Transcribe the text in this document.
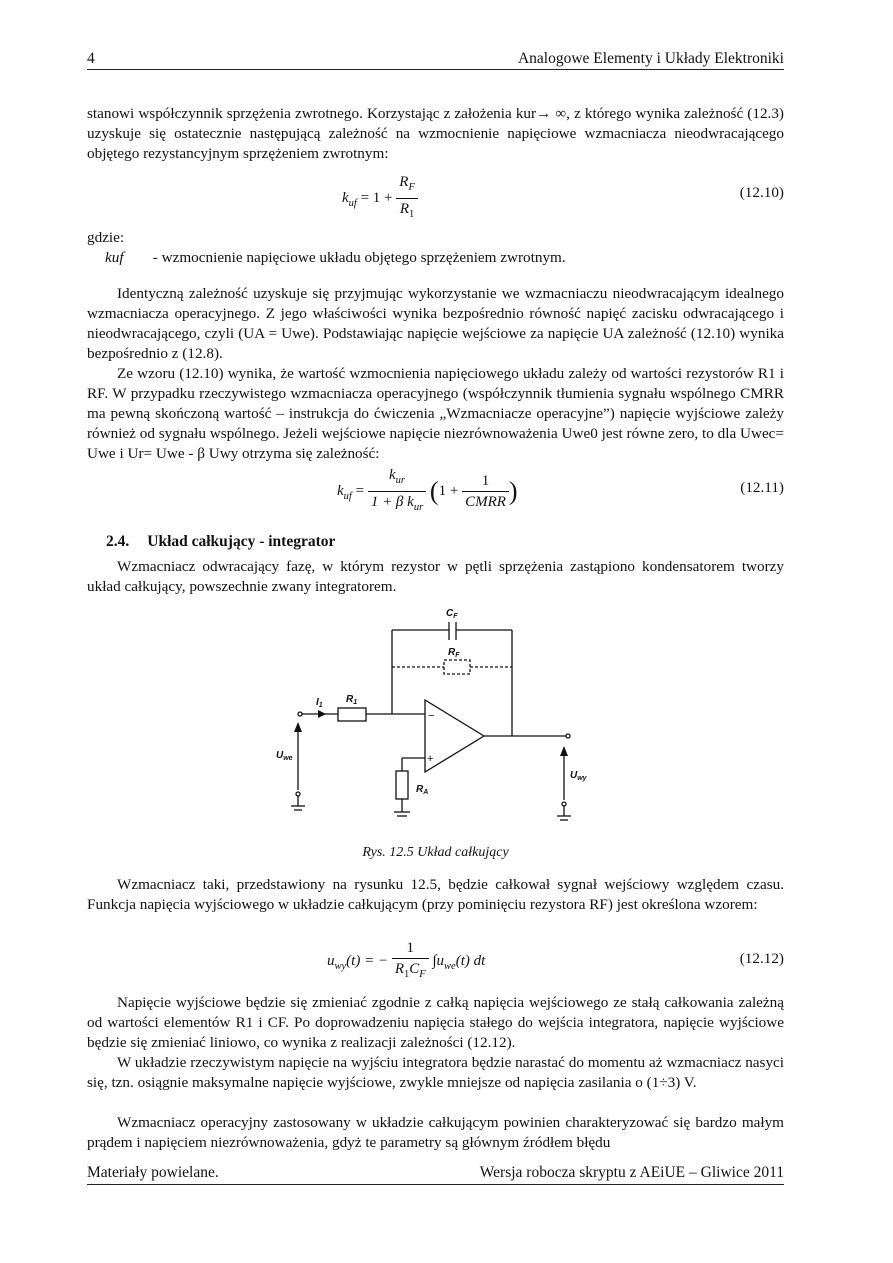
4	Analogowe Elementy i Układy Elektroniki

stanowi współczynnik sprzężenia zwrotnego. Korzystając z założenia kur→ ∞, z którego wynika zależność (12.3) uzyskuje się ostatecznie następującą zależność na wzmocnienie napięciowe wzmacniacza nieodwracającego objętego rezystancyjnym sprzężeniem zwrotnym:

$k_{uf} = 1 + \frac{R_F}{R_1}$	(12.10)
gdzie:
kuf - wzmocnienie napięciowe układu objętego sprzężeniem zwrotnym.

Identyczną zależność uzyskuje się przyjmując wykorzystanie we wzmacniaczu nieodwracającym idealnego wzmacniacza operacyjnego. Z jego właściwości wynika bezpośrednio równość napięć zacisku odwracającego i nieodwracającego, czyli (UA = Uwe). Podstawiając napięcie wejściowe za napięcie UA zależność (12.10) wynika bezpośrednio z (12.8).

Ze wzoru (12.10) wynika, że wartość wzmocnienia napięciowego układu zależy od wartości rezystorów R1 i RF. W przypadku rzeczywistego wzmacniacza operacyjnego (współczynnik tłumienia sygnału wspólnego CMRR ma pewną skończoną wartość – instrukcja do ćwiczenia „Wzmacniacze operacyjne”) napięcie wyjściowe zależy również od sygnału wspólnego. Jeżeli wejściowe napięcie niezrównoważenia Uwe0 jest równe zero, to dla Uwec= Uwe i Ur= Uwe - β Uwy otrzyma się zależność:

$k_{uf} = \frac{k_{ur}}{1 + \beta k_{ur}} (1 + \frac{1}{\text{CMRR}}$ )	(12.11)
2.4. Układ całkujący - integrator

Wzmacniacz odwracający fazę, w którym rezystor w pętli sprzężenia zastąpiono kondensatorem tworzy układ całkujący, powszechnie zwany integratorem.

$C_F$
$R_F$
$I_1$
$R_1$
$U_{we}$
$R_A$
$U_{wy}$
−
+
Rys. 12.5 Układ całkujący

Wzmacniacz taki, przedstawiony na rysunku 12.5, będzie całkował sygnał wejściowy względem czasu. Funkcja napięcia wyjściowego w układzie całkującym (przy pominięciu rezystora RF) jest określona wzorem:

$u_{wy}(t)$ = − $\frac{1}{R_1C_F} \int u_{we}(t)$ dt	(12.12)

Napięcie wyjściowe będzie się zmieniać zgodnie z całką napięcia wejściowego ze stałą całkowania zależną od wartości elementów R1 i CF. Po doprowadzeniu napięcia stałego do wejścia integratora, napięcie wyjściowe będzie się zmieniać liniowo, co wynika z realizacji zależności (12.12).

W układzie rzeczywistym napięcie na wyjściu integratora będzie narastać do momentu aż wzmacniacz nasyci się, tzn. osiągnie maksymalne napięcie wyjściowe, zwykle mniejsze od napięcia zasilania o (1÷3) V.

Wzmacniacz operacyjny zastosowany w układzie całkującym powinien charakteryzować się bardzo małym prądem i napięciem niezrównoważenia, gdyż te parametry są głównym źródłem błędu

Materiały powielane.	Wersja robocza skryptu z AEiUE – Gliwice 2011
